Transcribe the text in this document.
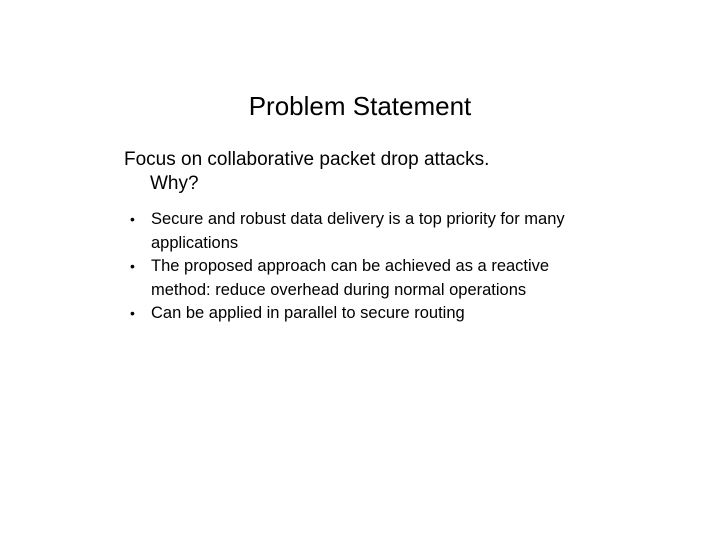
Problem Statement
Focus on collaborative packet drop attacks.
Why?
• Secure and robust data delivery is a top priority for many applications
• The proposed approach can be achieved as a reactive method: reduce overhead during normal operations
• Can be applied in parallel to secure routing
